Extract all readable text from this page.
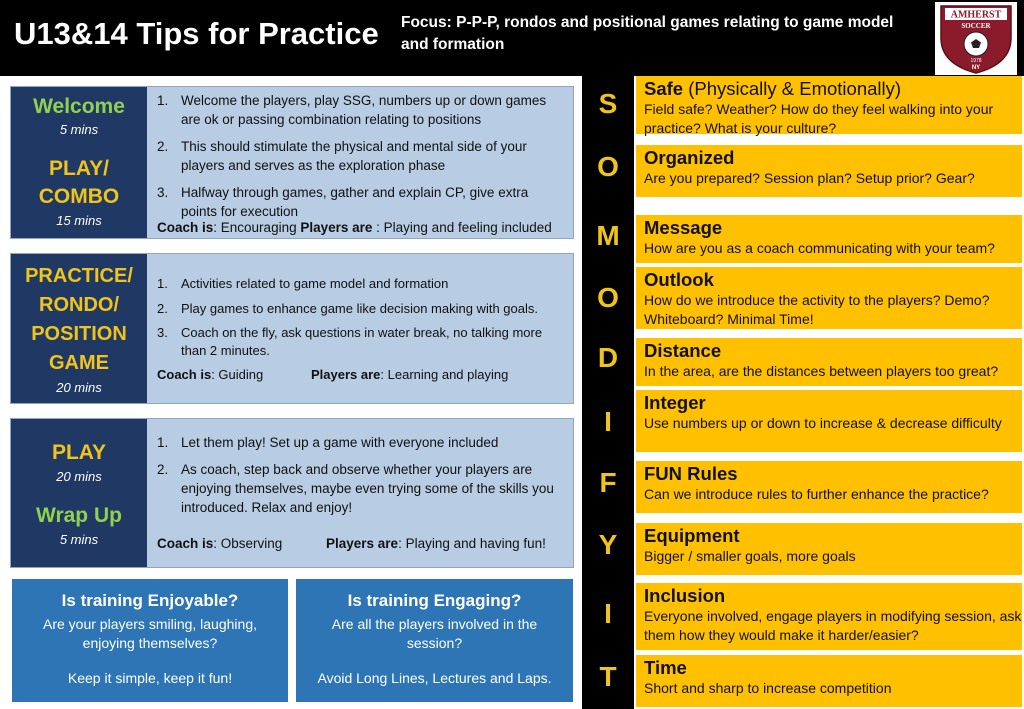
U13&14 Tips for Practice Focus: P-P-P, rondos and positional games relating to game model and formation
AMHERST
SOCCER
1978
NY
Welcome
5 mins
PLAY/
COMBO
15 mins
1. Welcome the players, play SSG, numbers up or down games are ok or passing combination relating to positions
2. This should stimulate the physical and mental side of your players and serves as the exploration phase
3. Halfway through games, gather and explain CP, give extra points for execution
Coach is: Encouraging Players are : Playing and feeling included
PRACTICE/
RONDO/
POSITION
GAME
20 mins
1. Activities related to game model and formation
2. Play games to enhance game like decision making with goals.
3. Coach on the fly, ask questions in water break, no talking more than 2 minutes.
Coach is: Guiding	Players are: Learning and playing
PLAY
20 mins
Wrap Up
5 mins
1. Let them play! Set up a game with everyone included
2. As coach, step back and observe whether your players are enjoying themselves, maybe even trying some of the skills you introduced. Relax and enjoy!
Coach is: Observing	Players are: Playing and having fun!
Is training Enjoyable?
Are your players smiling, laughing, enjoying themselves?
Keep it simple, keep it fun!
Is training Engaging?
Are all the players involved in the session?
Avoid Long Lines, Lectures and Laps.
S
O
M
O
D
I
F
Y
I
T
Safe (Physically & Emotionally)
Field safe? Weather? How do they feel walking into your practice? What is your culture?
Organized
Are you prepared? Session plan? Setup prior? Gear?
Message
How are you as a coach communicating with your team?
Outlook
How do we introduce the activity to the players? Demo? Whiteboard? Minimal Time!
Distance
In the area, are the distances between players too great?
Integer
Use numbers up or down to increase & decrease difficulty
FUN Rules
Can we introduce rules to further enhance the practice?
Equipment
Bigger / smaller goals, more goals
Inclusion
Everyone involved, engage players in modifying session, ask them how they would make it harder/easier?
Time
Short and sharp to increase competition
